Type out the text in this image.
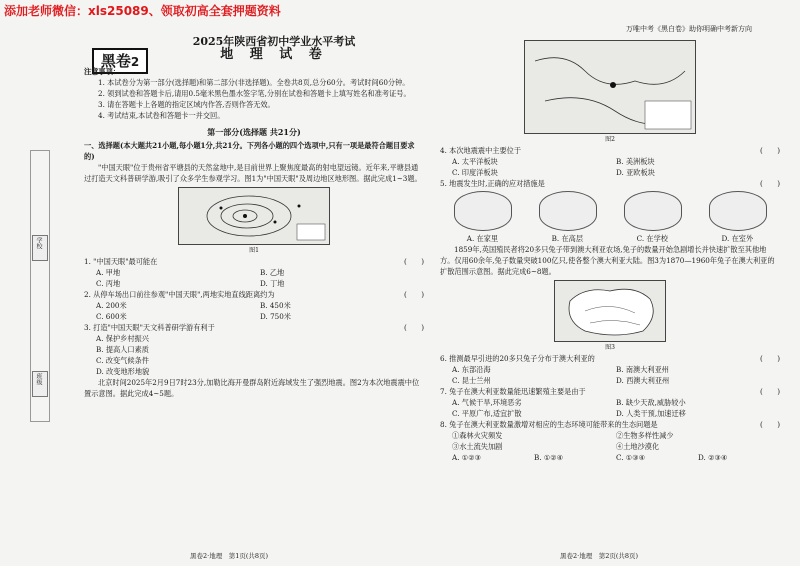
添加老师微信：xls25089、领取初高全套押题资料
万唯中考《黑白卷》助你明确中考新方向
学校
班级
黑卷2
2025年陕西省初中学业水平考试
地 理 试 卷

注意事项：

1. 本试卷分为第一部分(选择题)和第二部分(非选择题)。全卷共8页,总分60分。考试时间60分钟。

2. 领到试卷和答题卡后,请用0.5毫米黑色墨水签字笔,分别在试卷和答题卡上填写姓名和准考证号。

3. 请在答题卡上各题的指定区域内作答,否则作答无效。

4. 考试结束,本试卷和答题卡一并交回。

第一部分(选择题 共21分)

一、选择题(本大题共21小题,每小题1分,共21分。下列各小题的四个选项中,只有一项是最符合题目要求的)

"中国天眼"位于贵州省平塘县的天然盆地中,是目前世界上聚焦度最高的射电望远镜。近年来,平塘县通过打造天文科普研学游,吸引了众多学生参观学习。图1为"中国天眼"及周边地区地形图。据此完成1~3题。

图1
1. "中国天眼"最可能在	(　　)
A. 甲地	B. 乙地
C. 丙地	D. 丁地
2. 从停车场出口前往参观"中国天眼",两地实地直线距离约为	(　　)
A. 200米	B. 450米
C. 600米	D. 750米
3. 打造"中国天眼"天文科普研学游有利于	(　　)
A. 保护乡村振兴
B. 提高人口素质
C. 改变气候条件
D. 改变地形地貌

北京时间2025年2月9日7时23分,加勒比海开曼群岛附近海域发生了强烈地震。图2为本次地震震中位置示意图。据此完成4~5题。

黑卷2·地理　第1页(共8页)
图2
4. 本次地震震中主要位于	(　　)
A. 太平洋板块	B. 美洲板块
C. 印度洋板块	D. 亚欧板块
5. 地震发生时,正确的应对措施是	(　　)
A. 在家里	B. 在高层	C. 在学校	D. 在室外

1859年,英国殖民者将20多只兔子带到澳大利亚农场,兔子的数量开始急剧增长并快速扩散至其他地方。仅用60余年,兔子数量突破100亿只,使各整个澳大利亚大陆。图3为1870—1960年兔子在澳大利亚的扩散范围示意图。据此完成6~8题。

图3
6. 推测最早引进的20多只兔子分布于澳大利亚的	(　　)
A. 东部沿海	B. 南澳大利亚州
C. 昆士兰州	D. 西澳大利亚州
7. 兔子在澳大利亚数量能迅速繁殖主要是由于	(　　)
A. 气候干旱,环境恶劣	B. 缺少天敌,威胁较小
C. 平原广布,适宜扩散	D. 人类干预,加速迁移
8. 兔子在澳大利亚数量激增对相应的生态环境可能带来的生态问题是	(　　)
①森林火灾频发	②生物多样性减少
③水土流失加剧	④土地沙漠化
A. ①②③	B. ①②④	C. ①③④	D. ②③④
黑卷2·地理　第2页(共8页)
